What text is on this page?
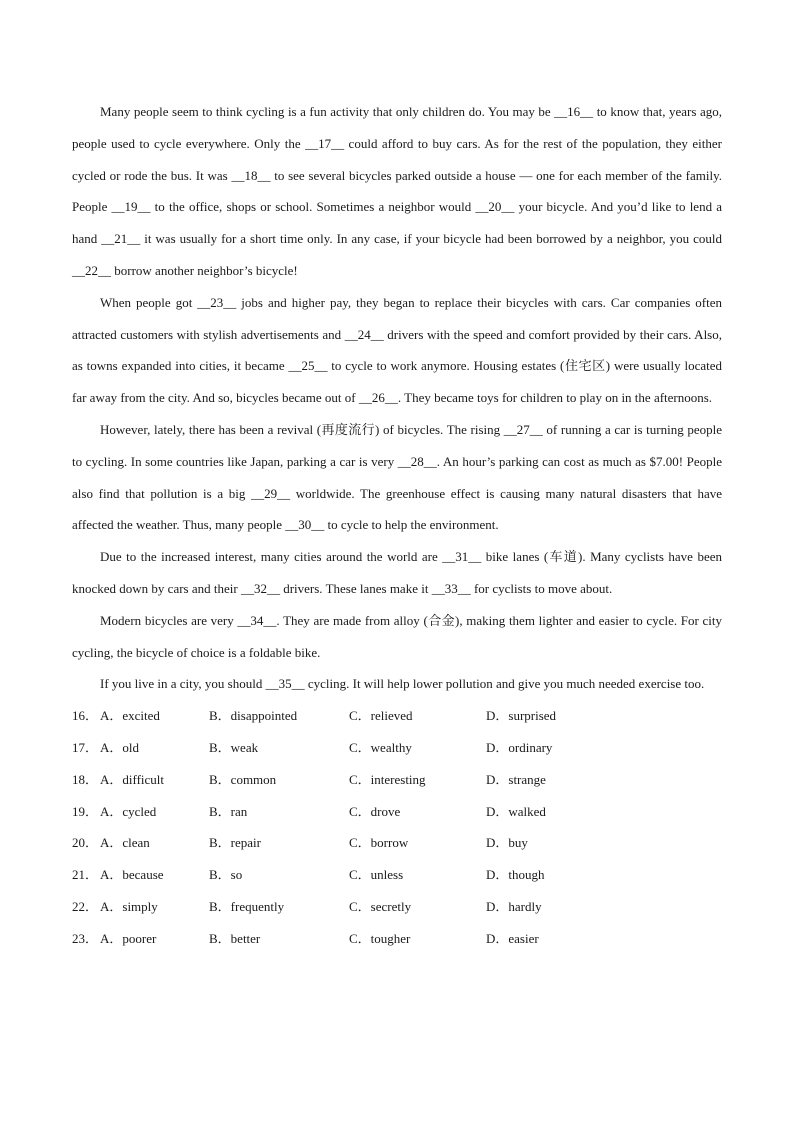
Many people seem to think cycling is a fun activity that only children do. You may be __16__ to know that, years ago, people used to cycle everywhere. Only the __17__ could afford to buy cars. As for the rest of the population, they either cycled or rode the bus. It was __18__ to see several bicycles parked outside a house — one for each member of the family. People __19__ to the office, shops or school. Sometimes a neighbor would __20__ your bicycle. And you’d like to lend a hand __21__ it was usually for a short time only. In any case, if your bicycle had been borrowed by a neighbor, you could __22__ borrow another neighbor’s bicycle!

When people got __23__ jobs and higher pay, they began to replace their bicycles with cars. Car companies often attracted customers with stylish advertisements and __24__ drivers with the speed and comfort provided by their cars. Also, as towns expanded into cities, it became __25__ to cycle to work anymore. Housing estates (住宅区) were usually located far away from the city. And so, bicycles became out of __26__. They became toys for children to play on in the afternoons.

However, lately, there has been a revival (再度流行) of bicycles. The rising __27__ of running a car is turning people to cycling. In some countries like Japan, parking a car is very __28__. An hour’s parking can cost as much as $7.00! People also find that pollution is a big __29__ worldwide. The greenhouse effect is causing many natural disasters that have affected the weather. Thus, many people __30__ to cycle to help the environment.

Due to the increased interest, many cities around the world are __31__ bike lanes (车道). Many cyclists have been knocked down by cars and their __32__ drivers. These lanes make it __33__ for cyclists to move about.

Modern bicycles are very __34__. They are made from alloy (合金), making them lighter and easier to cycle. For city cycling, the bicycle of choice is a foldable bike.

If you live in a city, you should __35__ cycling. It will help lower pollution and give you much needed exercise too.

16． A．excited	B．disappointed	C．relieved	D．surprised
17． A．old	B．weak	C．wealthy	D．ordinary
18． A．difficult	B．common	C．interesting	D．strange
19． A．cycled	B．ran	C．drove	D．walked
20． A．clean	B．repair	C．borrow	D．buy
21． A．because	B．so	C．unless	D．though
22． A．simply	B．frequently	C．secretly	D．hardly
23． A．poorer	B．better	C．tougher	D．easier
